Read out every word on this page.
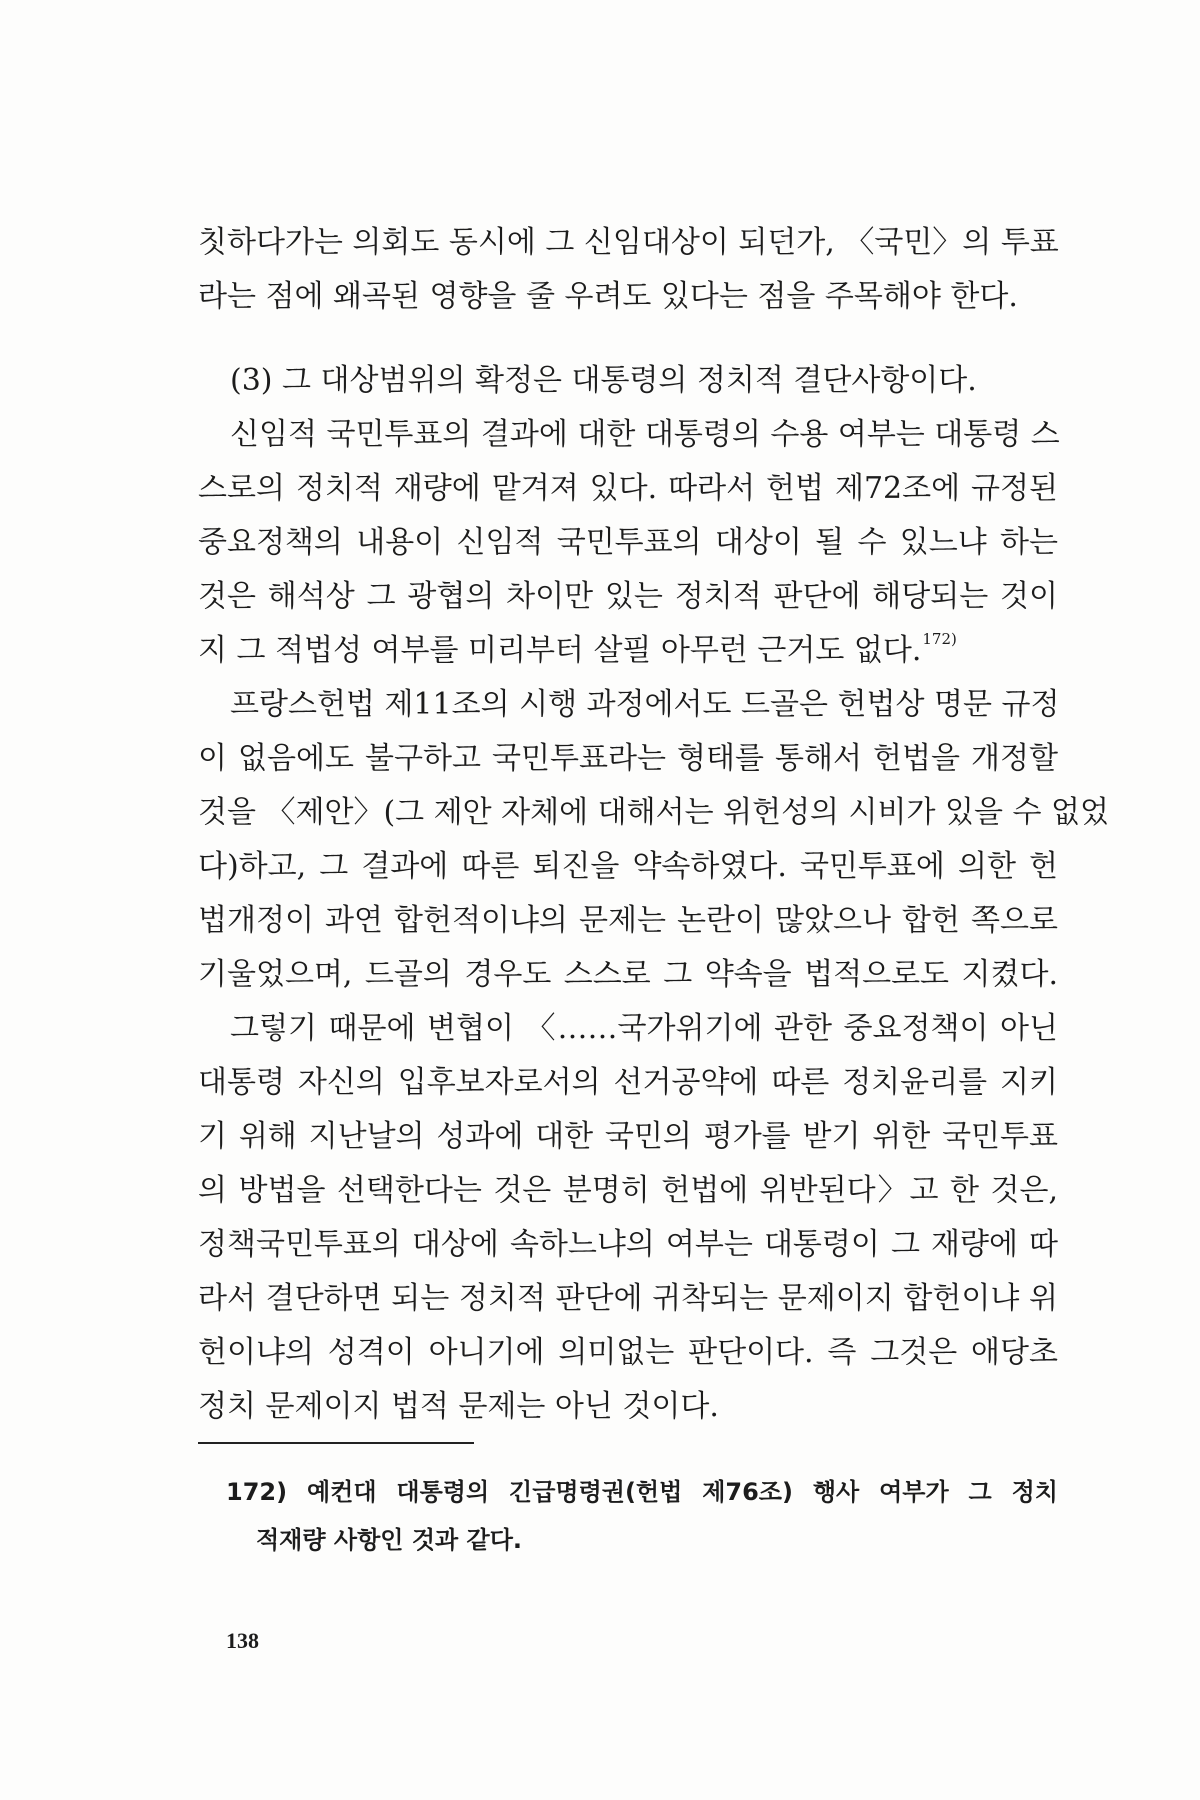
칫하다가는 의회도 동시에 그 신임대상이 되던가, 〈국민〉의 투표
라는 점에 왜곡된 영향을 줄 우려도 있다는 점을 주목해야 한다.
(3) 그 대상범위의 확정은 대통령의 정치적 결단사항이다.
신임적 국민투표의 결과에 대한 대통령의 수용 여부는 대통령 스
스로의 정치적 재량에 맡겨져 있다. 따라서 헌법 제72조에 규정된
중요정책의 내용이 신임적 국민투표의 대상이 될 수 있느냐 하는
것은 해석상 그 광협의 차이만 있는 정치적 판단에 해당되는 것이
지 그 적법성 여부를 미리부터 살필 아무런 근거도 없다.$^{172)}$
프랑스헌법 제11조의 시행 과정에서도 드골은 헌법상 명문 규정
이 없음에도 불구하고 국민투표라는 형태를 통해서 헌법을 개정할
것을 〈제안〉(그 제안 자체에 대해서는 위헌성의 시비가 있을 수 없었
다)하고, 그 결과에 따른 퇴진을 약속하였다. 국민투표에 의한 헌
법개정이 과연 합헌적이냐의 문제는 논란이 많았으나 합헌 쪽으로
기울었으며, 드골의 경우도 스스로 그 약속을 법적으로도 지켰다.
그렇기 때문에 변협이 〈……국가위기에 관한 중요정책이 아닌
대통령 자신의 입후보자로서의 선거공약에 따른 정치윤리를 지키
기 위해 지난날의 성과에 대한 국민의 평가를 받기 위한 국민투표
의 방법을 선택한다는 것은 분명히 헌법에 위반된다〉고 한 것은,
정책국민투표의 대상에 속하느냐의 여부는 대통령이 그 재량에 따
라서 결단하면 되는 정치적 판단에 귀착되는 문제이지 합헌이냐 위
헌이냐의 성격이 아니기에 의미없는 판단이다. 즉 그것은 애당초
정치 문제이지 법적 문제는 아닌 것이다.
172) 예컨대 대통령의 긴급명령권(헌법 제76조) 행사 여부가 그 정치
적재량 사항인 것과 같다.
138
